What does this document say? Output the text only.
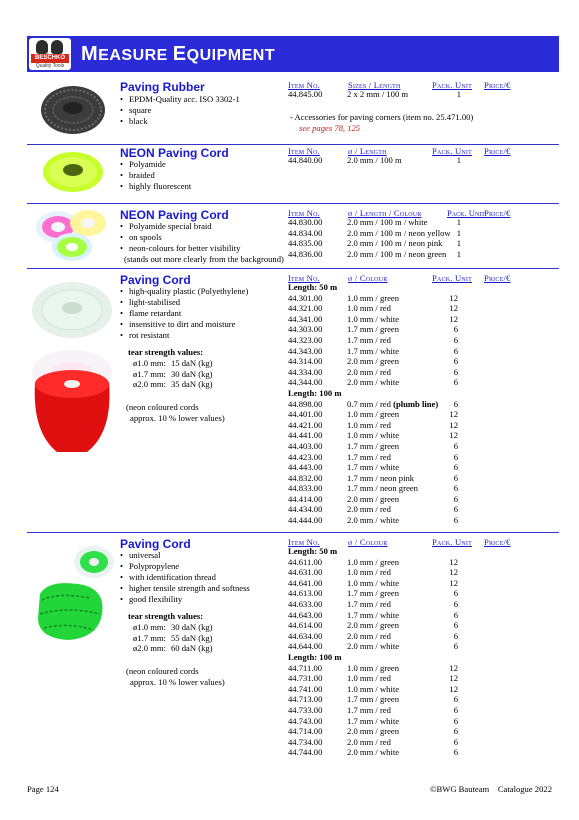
BESCHKO
Quality Tools
MEASURE EQUIPMENT
Paving Rubber
• EPDM-Quality acc. ISO 3302-1
• square
• black
Item No.	Sizes / Length	Pack. Unit Price/€
44.845.00	2 x 2 mm / 100 m	1
- Accessories for paving corners (item no. 25.471.00)
see pages 78, 125
NEON Paving Cord
• Polyamide
• braided
• highly fluorescent
Item No.	ø / Length	Pack. Unit Price/€
44.840.00	2.0 mm / 100 m	1
NEON Paving Cord
• Polyamide special braid
• on spools
• neon-colours for better visibility
(stands out more clearly from the background)
Item No.	ø / Length / Colour	Pack. Unit Price/€
44.830.00	2.0 mm / 100 m / white	1
44.834.00	2.0 mm / 100 m / neon yellow 1
44.835.00	2.0 mm / 100 m / neon pink	1
44.836.00	2.0 mm / 100 m / neon green	1
Paving Cord
• high-quality plastic (Polyethylene)
• light-stabilised
• flame retardant
• insensitive to dirt and moisture
• rot resistant
tear strength values:
ø1.0 mm: 15 daN (kg)
ø1.7 mm: 30 daN (kg)
ø2.0 mm: 35 daN (kg)
(neon coloured cords
approx. 10 % lower values)
Item No.	ø / Colour	Pack. Unit Price/€
Length: 50 m
44.301.00	1.0 mm / green	12
44.321.00	1.0 mm / red	12
44.341.00	1.0 mm / white	12
44.303.00	1.7 mm / green	6
44.323.00	1.7 mm / red	6
44.343.00	1.7 mm / white	6
44.314.00	2.0 mm / green	6
44.334.00	2.0 mm / red	6
44.344.00	2.0 mm / white	6
Length: 100 m
44.898.00	0.7 mm / red (plumb line)	6
44.401.00	1.0 mm / green	12
44.421.00	1.0 mm / red	12
44.441.00	1.0 mm / white	12
44.403.00	1.7 mm / green	6
44.423.00	1.7 mm / red	6
44.443.00	1.7 mm / white	6
44.832.00	1.7 mm / neon pink	6
44.833.00	1.7 mm / neon green	6
44.414.00	2.0 mm / green	6
44.434.00	2.0 mm / red	6
44.444.00	2.0 mm / white	6
Paving Cord
• universal
• Polypropylene
• with identification thread
• higher tensile strength and softness
• good flexibility
tear strength values:
ø1.0 mm: 30 daN (kg)
ø1.7 mm: 55 daN (kg)
ø2.0 mm: 60 daN (kg)
(neon coloured cords
approx. 10 % lower values)
Item No.	ø / Colour	Pack. Unit Price/€
Length: 50 m
44.611.00	1.0 mm / green	12
44.631.00	1.0 mm / red	12
44.641.00	1.0 mm / white	12
44.613.00	1.7 mm / green	6
44.633.00	1.7 mm / red	6
44.643.00	1.7 mm / white	6
44.614.00	2.0 mm / green	6
44.634.00	2.0 mm / red	6
44.644.00	2.0 mm / white	6
Length: 100 m
44.711.00	1.0 mm / green	12
44.731.00	1.0 mm / red	12
44.741.00	1.0 mm / white	12
44.713.00	1.7 mm / green	6
44.733.00	1.7 mm / red	6
44.743.00	1.7 mm / white	6
44.714.00	2.0 mm / green	6
44.734.00	2.0 mm / red	6
44.744.00	2.0 mm / white	6
Page 124	©BWG Bauteam    Catalogue 2022
